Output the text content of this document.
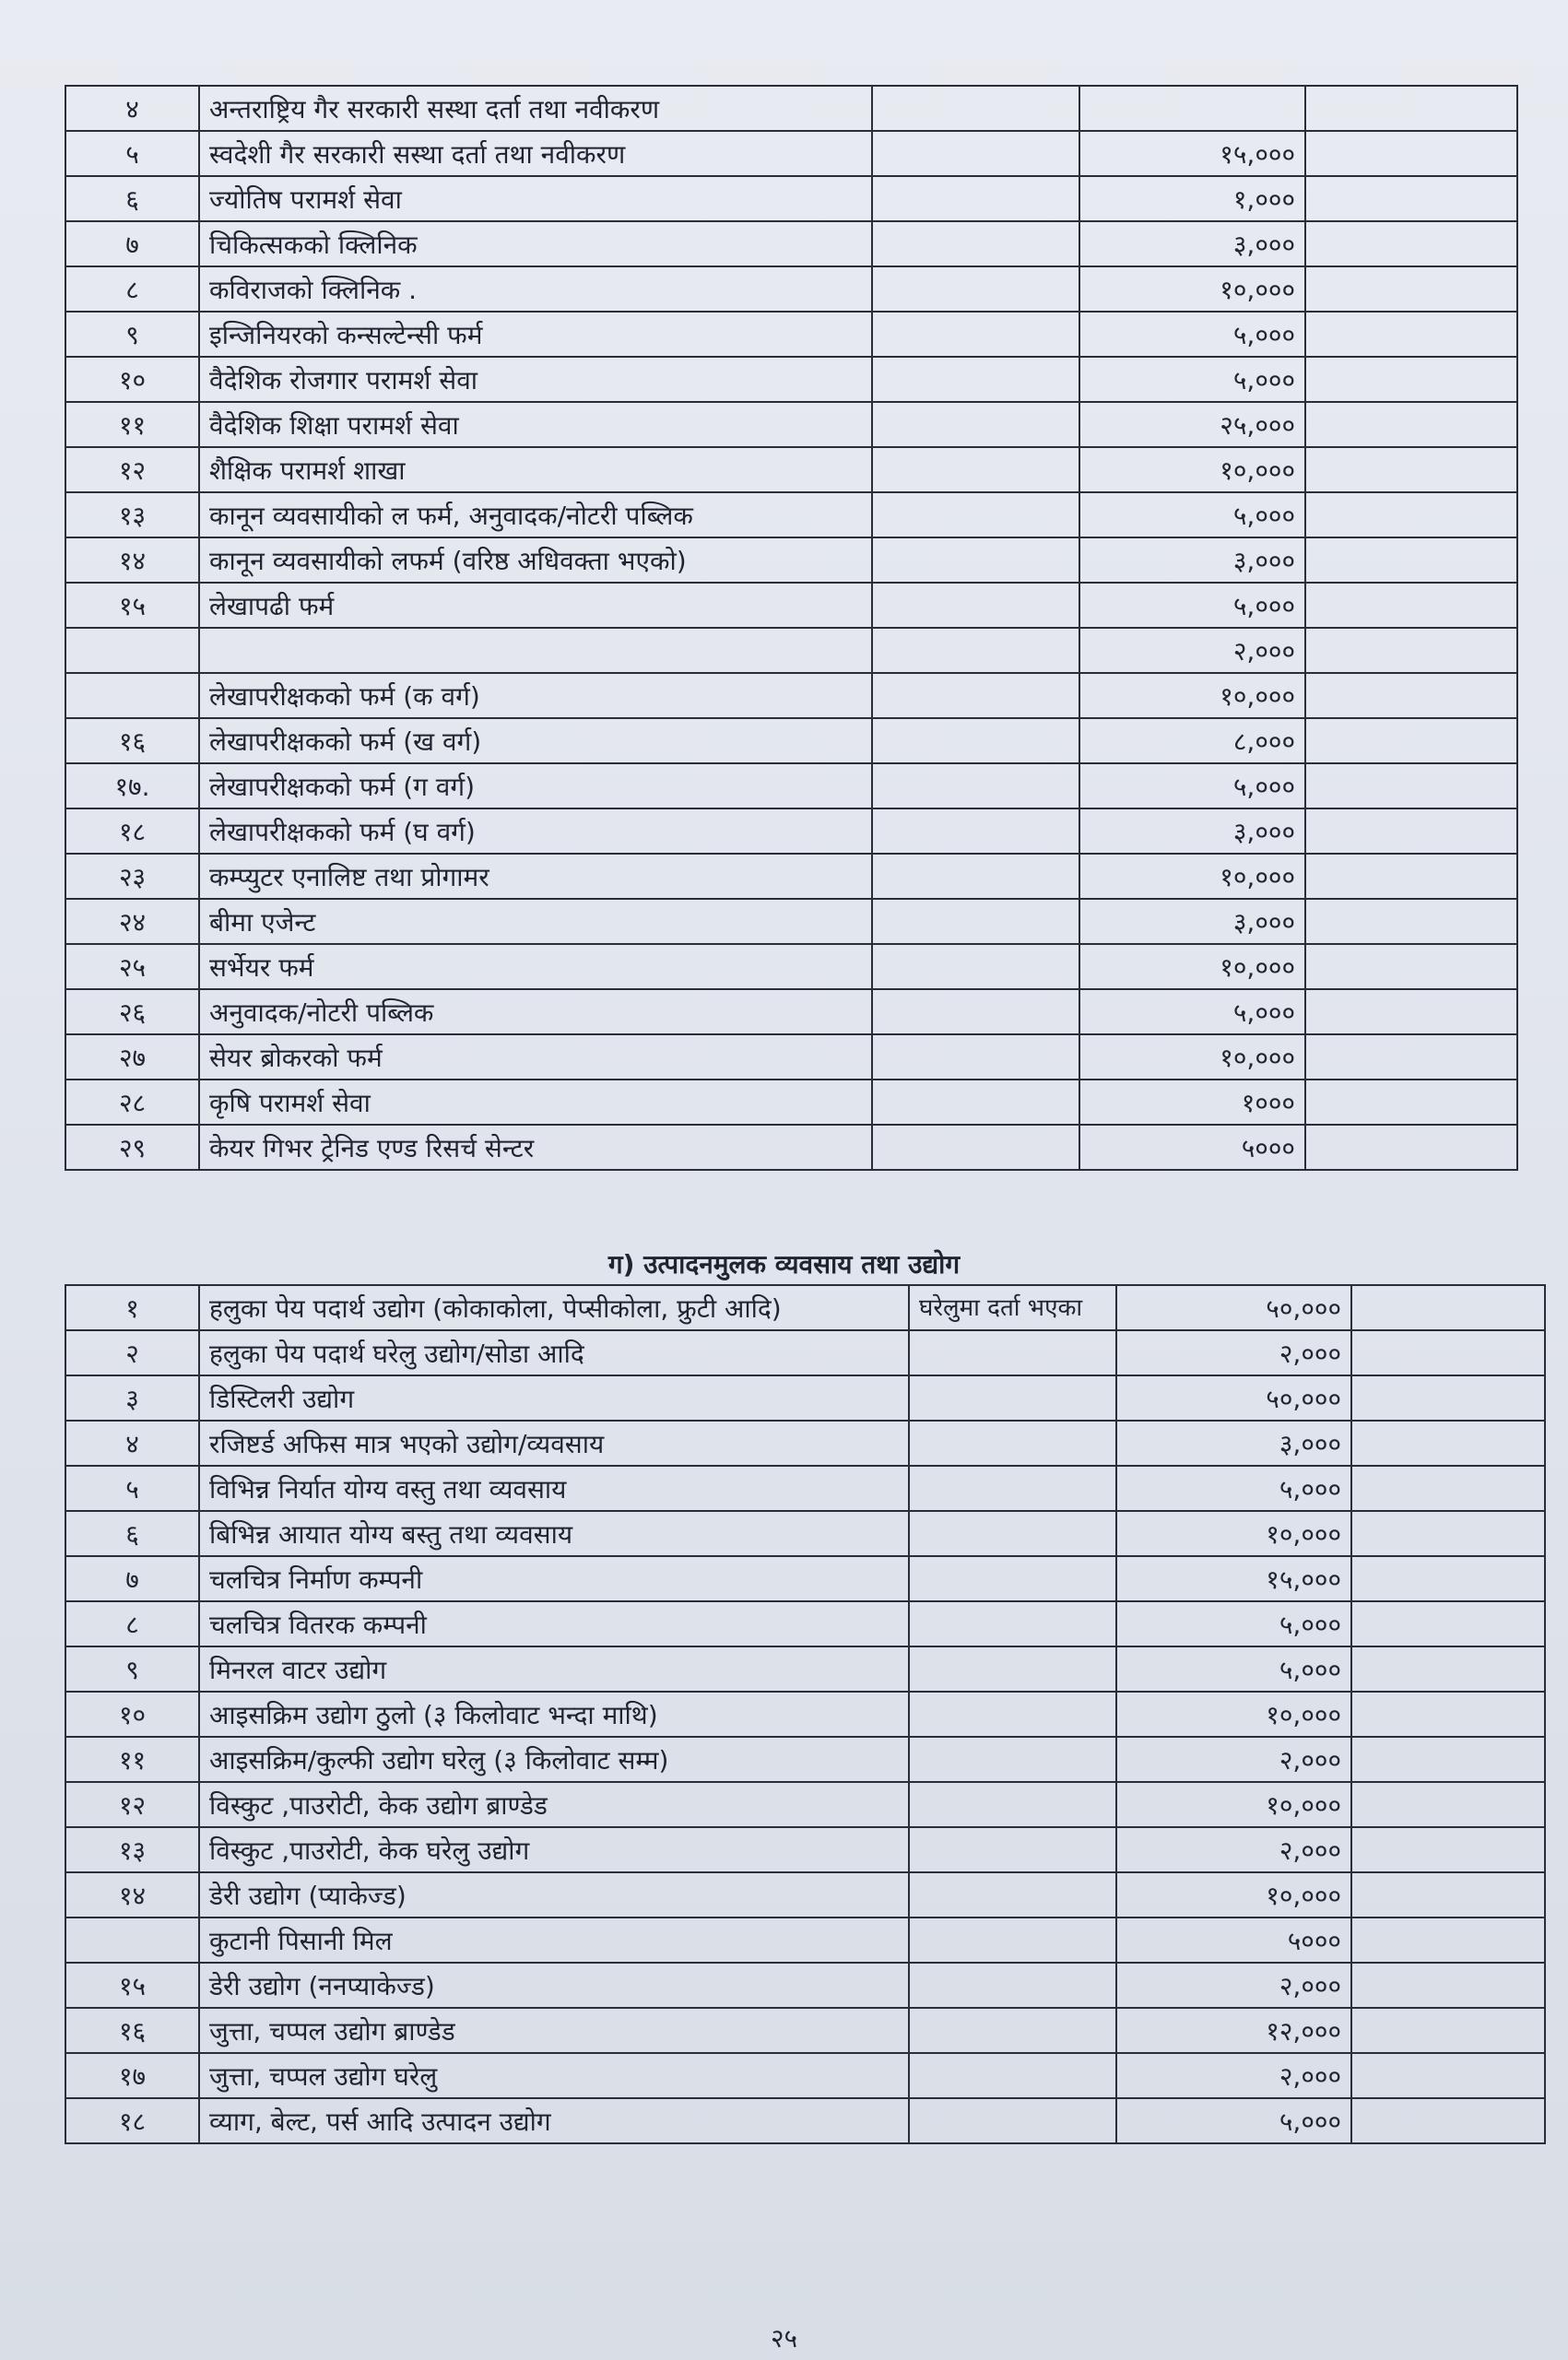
४	अन्तराष्ट्रिय गैर सरकारी सस्था दर्ता तथा नवीकरण			
५	स्वदेशी गैर सरकारी सस्था दर्ता तथा नवीकरण		१५,०००	
६	ज्योतिष परामर्श सेवा		१,०००	
७	चिकित्सकको क्लिनिक		३,०००	
८	कविराजको क्लिनिक .		१०,०००	
९	इन्जिनियरको कन्सल्टेन्सी फर्म		५,०००	
१०	वैदेशिक रोजगार परामर्श सेवा		५,०००	
११	वैदेशिक शिक्षा परामर्श सेवा		२५,०००	
१२	शैक्षिक परामर्श शाखा		१०,०००	
१३	कानून व्यवसायीको ल फर्म, अनुवादक/नोटरी पब्लिक		५,०००	
१४	कानून व्यवसायीको लफर्म (वरिष्ठ अधिवक्ता भएको)		३,०००	
१५	लेखापढी फर्म		५,०००	
			२,०००	
	लेखापरीक्षकको फर्म (क वर्ग)		१०,०००	
१६	लेखापरीक्षकको फर्म (ख वर्ग)		८,०००	
१७.	लेखापरीक्षकको फर्म (ग वर्ग)		५,०००	
१८	लेखापरीक्षकको फर्म (घ वर्ग)		३,०००	
२३	कम्प्युटर एनालिष्ट तथा प्रोगामर		१०,०००	
२४	बीमा एजेन्ट		३,०००	
२५	सर्भेयर फर्म		१०,०००	
२६	अनुवादक/नोटरी पब्लिक		५,०००	
२७	सेयर ब्रोकरको फर्म		१०,०००	
२८	कृषि परामर्श सेवा		१०००	
२९	केयर गिभर ट्रेनिड एण्ड रिसर्च सेन्टर		५०००	
ग) उत्पादनमुलक व्यवसाय तथा उद्योग
१	हलुका पेय पदार्थ उद्योग (कोकाकोला, पेप्सीकोला, फ्रुटी आदि)	घरेलुमा दर्ता भएका	५०,०००	
२	हलुका पेय पदार्थ घरेलु उद्योग/सोडा आदि		२,०००	
३	डिस्टिलरी उद्योग		५०,०००	
४	रजिष्टर्ड अफिस मात्र भएको उद्योग/व्यवसाय		३,०००	
५	विभिन्न निर्यात योग्य वस्तु तथा व्यवसाय		५,०००	
६	बिभिन्न आयात योग्य बस्तु तथा व्यवसाय		१०,०००	
७	चलचित्र निर्माण कम्पनी		१५,०००	
८	चलचित्र वितरक कम्पनी		५,०००	
९	मिनरल वाटर उद्योग		५,०००	
१०	आइसक्रिम उद्योग ठुलो (३ किलोवाट भन्दा माथि)		१०,०००	
११	आइसक्रिम/कुल्फी उद्योग घरेलु (३ किलोवाट सम्म)		२,०००	
१२	विस्कुट ,पाउरोटी, केक उद्योग ब्राण्डेड		१०,०००	
१३	विस्कुट ,पाउरोटी, केक घरेलु उद्योग		२,०००	
१४	डेरी उद्योग (प्याकेज्ड)		१०,०००	
	कुटानी पिसानी मिल		५०००	
१५	डेरी उद्योग (ननप्याकेज्ड)		२,०००	
१६	जुत्ता, चप्पल उद्योग ब्राण्डेड		१२,०००	
१७	जुत्ता, चप्पल उद्योग घरेलु		२,०००	
१८	व्याग, बेल्ट, पर्स आदि उत्पादन उद्योग		५,०००	
२५
